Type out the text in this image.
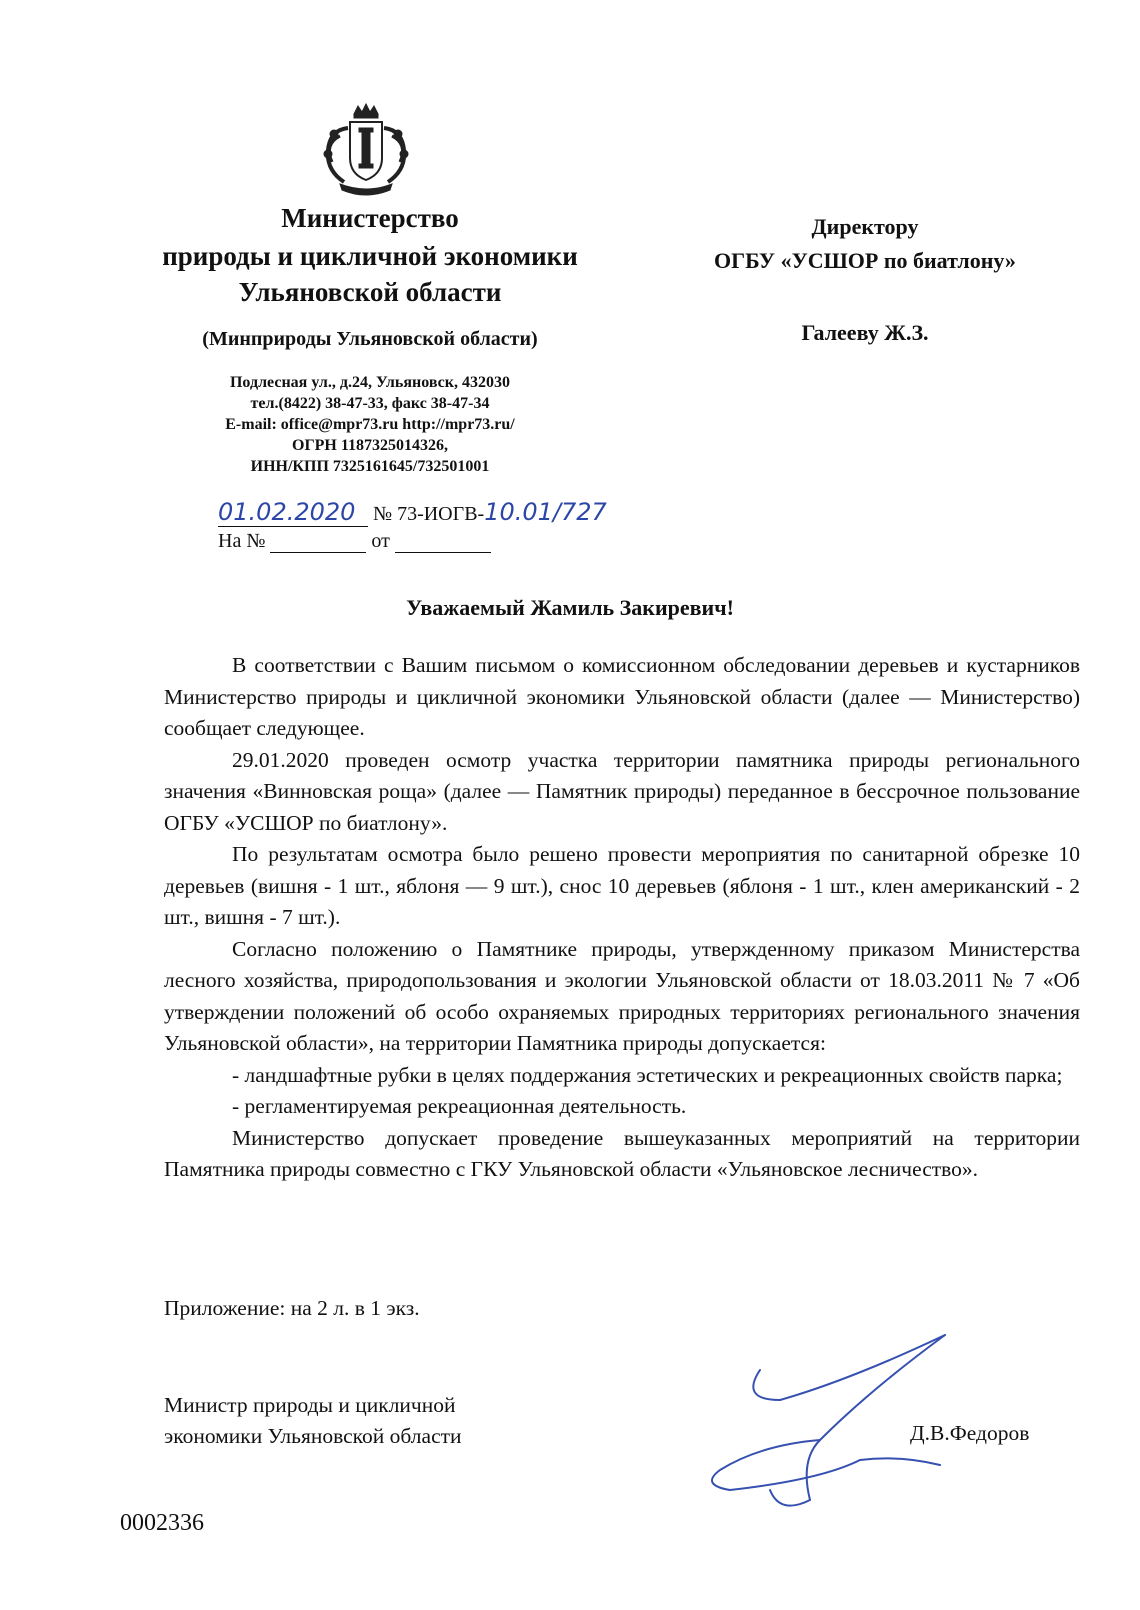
Министерство
природы и цикличной экономики
Ульяновской области
(Минприроды Ульяновской области)
Подлесная ул., д.24, Ульяновск, 432030
тел.(8422) 38-47-33, факс 38-47-34
E-mail: office@mpr73.ru http://mpr73.ru/
ОГРН 1187325014326,
ИНН/КПП 7325161645/732501001
01.02.2020 № 73-ИОГВ-10.01/727
На №	от
Директору
ОГБУ «УСШОР по биатлону»
Галееву Ж.З.
Уважаемый Жамиль Закиревич!

В соответствии с Вашим письмом о комиссионном обследовании деревьев и кустарников Министерство природы и цикличной экономики Ульяновской области (далее — Министерство) сообщает следующее.

29.01.2020 проведен осмотр участка территории памятника природы регионального значения «Винновская роща» (далее — Памятник природы) переданное в бессрочное пользование ОГБУ «УСШОР по биатлону».

По результатам осмотра было решено провести мероприятия по санитарной обрезке 10 деревьев (вишня - 1 шт., яблоня — 9 шт.), снос 10 деревьев (яблоня - 1 шт., клен американский - 2 шт., вишня - 7 шт.).

Согласно положению о Памятнике природы, утвержденному приказом Министерства лесного хозяйства, природопользования и экологии Ульяновской области от 18.03.2011 № 7 «Об утверждении положений об особо охраняемых природных территориях регионального значения Ульяновской области», на территории Памятника природы допускается:

- ландшафтные рубки в целях поддержания эстетических и рекреационных свойств парка;

- регламентируемая рекреационная деятельность.

Министерство допускает проведение вышеуказанных мероприятий на территории Памятника природы совместно с ГКУ Ульяновской области «Ульяновское лесничество».

Приложение: на 2 л. в 1 экз.
Министр природы и цикличной
экономики Ульяновской области	Д.В.Федоров
0002336
